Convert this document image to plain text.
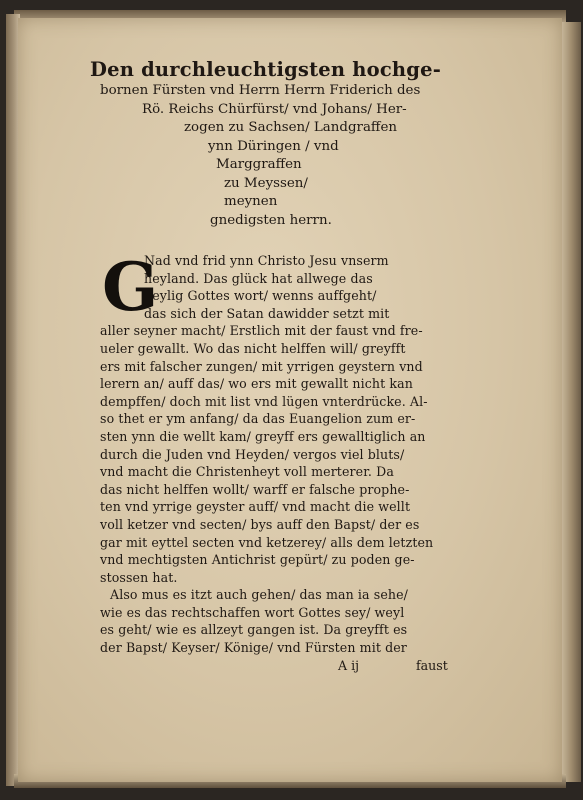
Den durchleuchtigsten hochge-
bornen Fürsten vnd Herrn Herrn Friderich des
Rö. Reichs Chürfürst/ vnd Johans/ Her-
zogen zu Sachsen/ Landgraffen
ynn Düringen / vnd
Marggraffen
zu Meyssen/
meynen
gnedigsten herrn.
G
Nad vnd frid ynn Christo Jesu vnserm
heyland. Das glück hat allwege das
heylig Gottes wort/ wenns auffgeht/
das sich der Satan dawidder setzt mit
aller seyner macht/ Erstlich mit der faust vnd fre-
ueler gewallt. Wo das nicht helffen will/ greyfft
ers mit falscher zungen/ mit yrrigen geystern vnd
lerern an/ auff das/ wo ers mit gewallt nicht kan
dempffen/ doch mit list vnd lügen vnterdrücke. Al-
so thet er ym anfang/ da das Euangelion zum er-
sten ynn die wellt kam/ greyff ers gewalltiglich an
durch die Juden vnd Heyden/ vergos viel bluts/
vnd macht die Christenheyt voll merterer. Da
das nicht helffen wollt/ warff er falsche prophe-
ten vnd yrrige geyster auff/ vnd macht die wellt
voll ketzer vnd secten/ bys auff den Bapst/ der es
gar mit eyttel secten vnd ketzerey/ alls dem letzten
vnd mechtigsten Antichrist gepürt/ zu poden ge-
stossen hat.
Also mus es itzt auch gehen/ das man ia sehe/
wie es das rechtschaffen wort Gottes sey/ weyl
es geht/ wie es allzeyt gangen ist. Da greyfft es
der Bapst/ Keyser/ Könige/ vnd Fürsten mit der
A ij	faust
